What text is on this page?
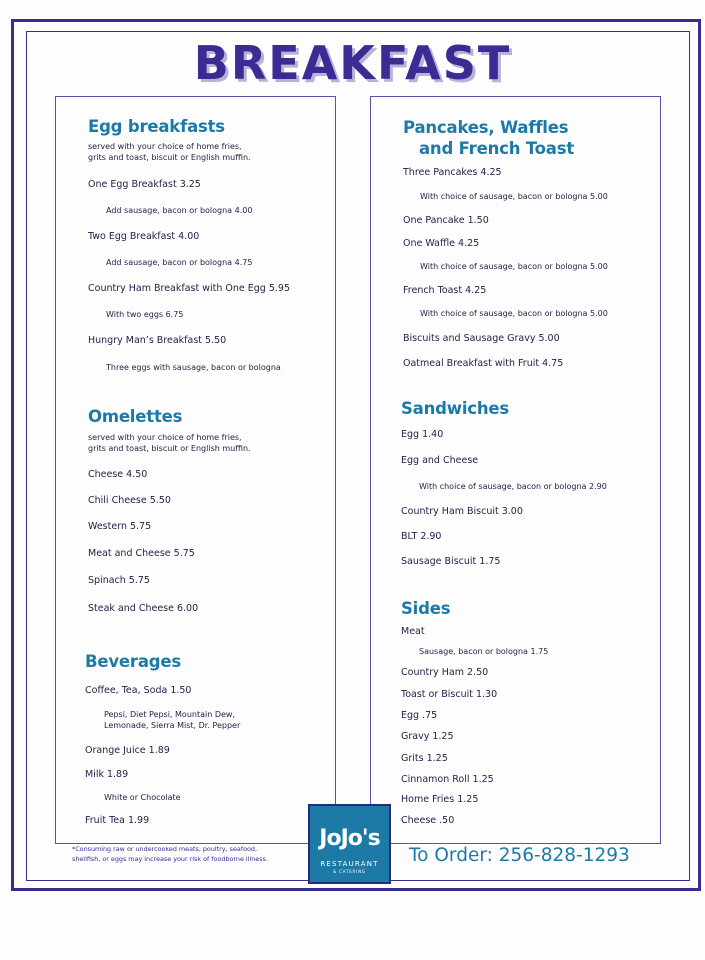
BREAKFAST
Egg breakfasts
served with your choice of home fries,
grits and toast, biscuit or English muffin.
One Egg Breakfast 3.25
Add sausage, bacon or bologna 4.00
Two Egg Breakfast 4.00
Add sausage, bacon or bologna 4.75
Country Ham Breakfast with One Egg 5.95
With two eggs 6.75
Hungry Man’s Breakfast 5.50
Three eggs with sausage, bacon or bologna
Omelettes
served with your choice of home fries,
grits and toast, biscuit or English muffin.
Cheese 4.50
Chili Cheese 5.50
Western 5.75
Meat and Cheese 5.75
Spinach 5.75
Steak and Cheese 6.00
Beverages
Coffee, Tea, Soda 1.50
Pepsi, Diet Pepsi, Mountain Dew,
Lemonade, Sierra Mist, Dr. Pepper
Orange Juice 1.89
Milk 1.89
White or Chocolate
Fruit Tea 1.99
Pancakes, Waffles
and French Toast
Three Pancakes 4.25
With choice of sausage, bacon or bologna 5.00
One Pancake 1.50
One Waffle 4.25
With choice of sausage, bacon or bologna 5.00
French Toast 4.25
With choice of sausage, bacon or bologna 5.00
Biscuits and Sausage Gravy 5.00
Oatmeal Breakfast with Fruit 4.75
Sandwiches
Egg 1.40
Egg and Cheese
With choice of sausage, bacon or bologna 2.90
Country Ham Biscuit 3.00
BLT 2.90
Sausage Biscuit 1.75
Sides
Meat
Sausage, bacon or bologna 1.75
Country Ham 2.50
Toast or Biscuit 1.30
Egg .75
Gravy 1.25
Grits 1.25
Cinnamon Roll 1.25
Home Fries 1.25
Cheese .50
*Consuming raw or undercooked meats, poultry, seafood,
shellfish, or eggs may increase your risk of foodborne illness.
JoJo's
RESTAURANT
& CATERING
To Order: 256-828-1293
